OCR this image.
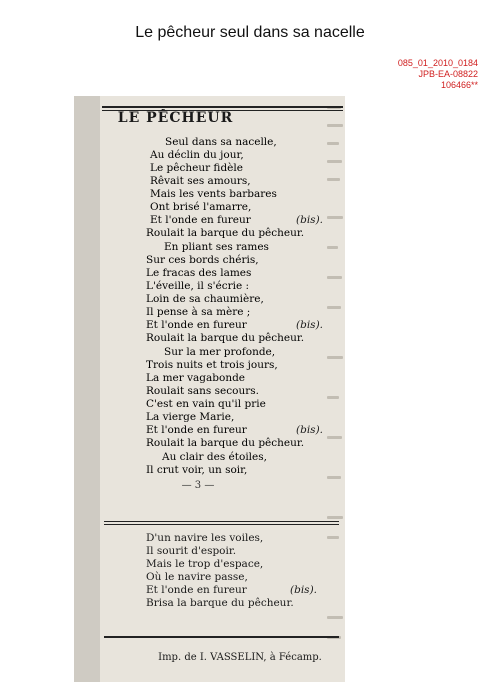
Le pêcheur seul dans sa nacelle
085_01_2010_0184
JPB-EA-08822
106466**
LE PÊCHEUR
Seul dans sa nacelle,
Au déclin du jour,
Le pêcheur fidèle
Rêvait ses amours,
Mais les vents barbares
Ont brisé l'amarre,
Et l'onde en fureur
Roulait la barque du pêcheur.
En pliant ses rames
Sur ces bords chéris,
Le fracas des lames
L'éveille, il s'écrie :
Loin de sa chaumière,
Il pense à sa mère ;
Et l'onde en fureur
Roulait la barque du pêcheur.
Sur la mer profonde,
Trois nuits et trois jours,
La mer vagabonde
Roulait sans secours.
C'est en vain qu'il prie
La vierge Marie,
Et l'onde en fureur
Roulait la barque du pêcheur.
Au clair des étoiles,
Il crut voir, un soir,
(bis).
(bis).
(bis).
— 3 —
D'un navire les voiles,
Il sourit d'espoir.
Mais le trop d'espace,
Où le navire passe,
Et l'onde en fureur	(bis).
Brisa la barque du pêcheur.
Imp. de I. VASSELIN, à Fécamp.
